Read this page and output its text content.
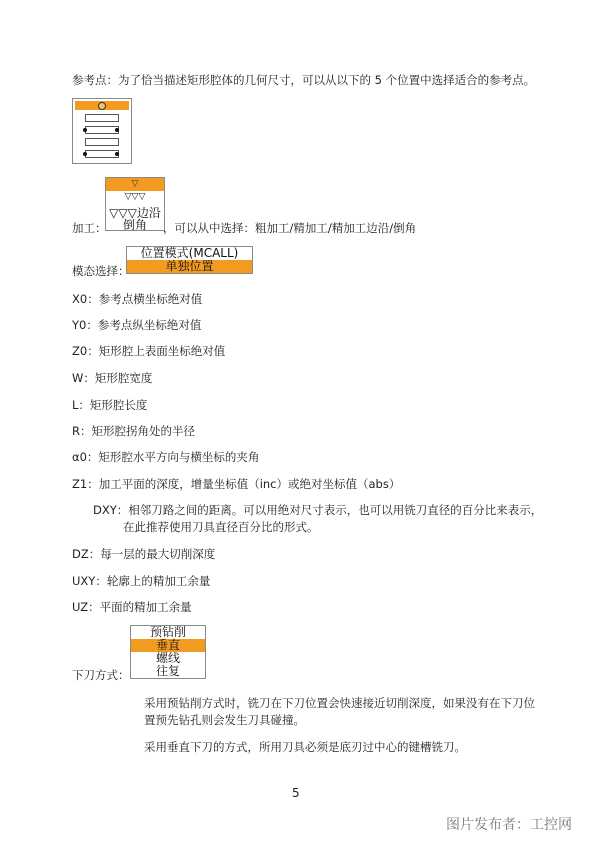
参考点：为了恰当描述矩形腔体的几何尺寸，可以从以下的 5 个位置中选择适合的参考点。
▽
▽▽▽
▽▽▽边沿
倒角
加工：	，可以从中选择：粗加工/精加工/精加工边沿/倒角
位置模式(MCALL)
单独位置
模态选择：
X0：参考点横坐标绝对值
Y0：参考点纵坐标绝对值
Z0：矩形腔上表面坐标绝对值
W：矩形腔宽度
L：矩形腔长度
R：矩形腔拐角处的半径
α0：矩形腔水平方向与横坐标的夹角
Z1：加工平面的深度，增量坐标值（inc）或绝对坐标值（abs）
DXY：相邻刀路之间的距离。可以用绝对尺寸表示，也可以用铣刀直径的百分比来表示，
在此推荐使用刀具直径百分比的形式。
DZ：每一层的最大切削深度
UXY：轮廓上的精加工余量
UZ：平面的精加工余量
预钻削
垂直
螺线
往复
下刀方式：
采用预钻削方式时，铣刀在下刀位置会快速接近切削深度，如果没有在下刀位
置预先钻孔则会发生刀具碰撞。
采用垂直下刀的方式，所用刀具必须是底刃过中心的键槽铣刀。
5
图片发布者：工控网
